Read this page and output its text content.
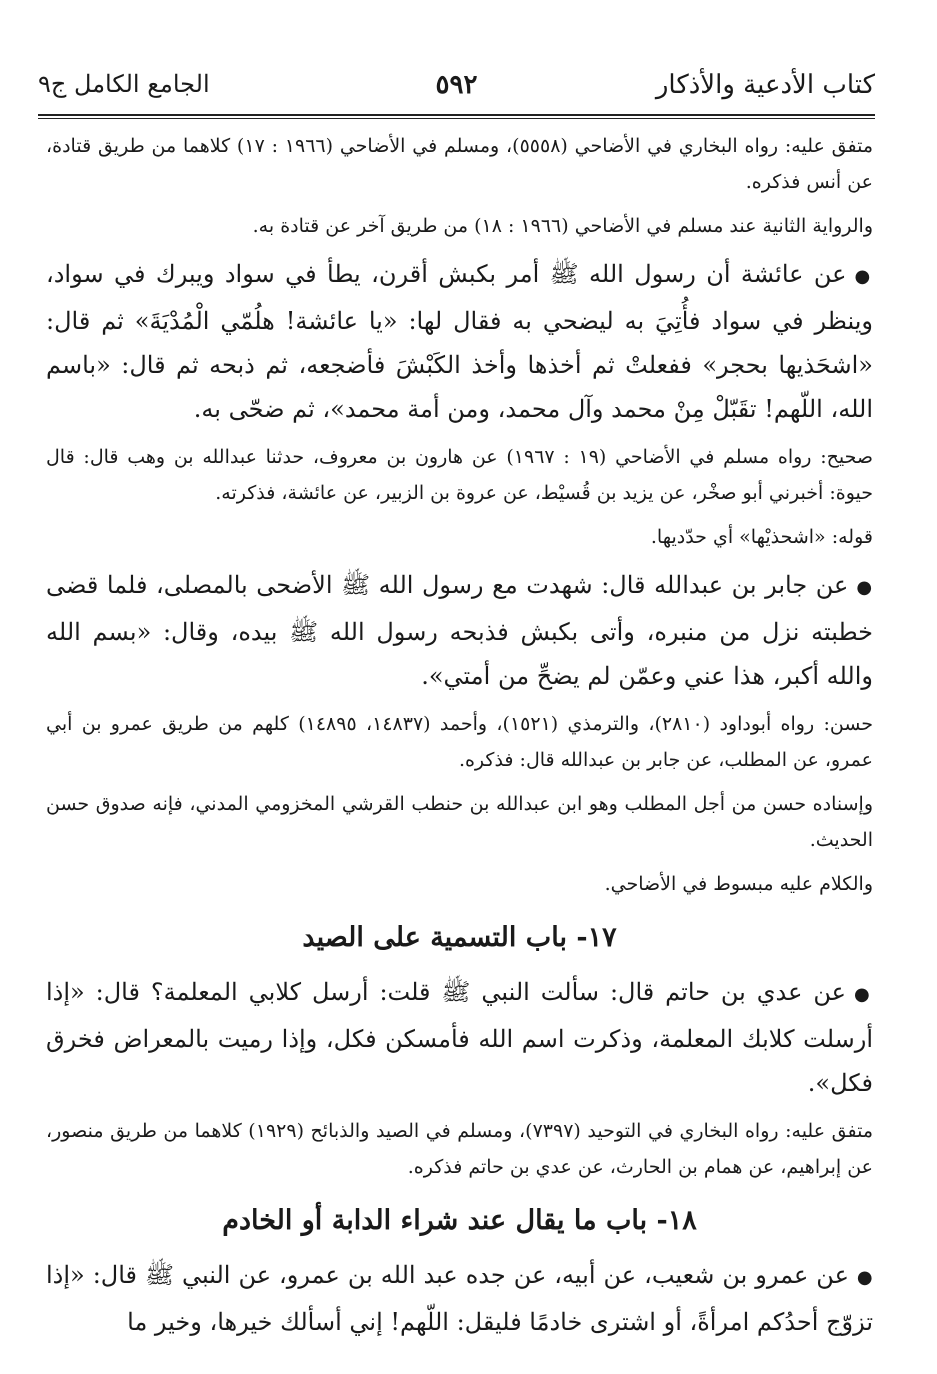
كتاب الأدعية والأذكار
٥٩٢
الجامع الكامل ج٩

متفق عليه: رواه البخاري في الأضاحي (٥٥٥٨)، ومسلم في الأضاحي (١٩٦٦ : ١٧) كلاهما من طريق قتادة، عن أنس فذكره.

والرواية الثانية عند مسلم في الأضاحي (١٩٦٦ : ١٨) من طريق آخر عن قتادة به.

●عن عائشة أن رسول الله ﷺ أمر بكبش أقرن، يطأ في سواد ويبرك في سواد، وينظر في سواد فأُتِيَ به ليضحي به فقال لها: «يا عائشة! هلُمّي الْمُدْيَةَ» ثم قال: «اشحَذيها بحجر» ففعلتْ ثم أخذها وأخذ الكَبْشَ فأضجعه، ثم ذبحه ثم قال: «باسم الله، اللّهم! تقَبّلْ مِنْ محمد وآل محمد، ومن أمة محمد»، ثم ضحّى به.

صحيح: رواه مسلم في الأضاحي (١٩ : ١٩٦٧) عن هارون بن معروف، حدثنا عبدالله بن وهب قال: قال حيوة: أخبرني أبو صخْر، عن يزيد بن قُسيْط، عن عروة بن الزبير، عن عائشة، فذكرته.

قوله: «اشحذيْها» أي حدّديها.

●عن جابر بن عبدالله قال: شهدت مع رسول الله ﷺ الأضحى بالمصلى، فلما قضى خطبته نزل من منبره، وأتى بكبش فذبحه رسول الله ﷺ بيده، وقال: «بسم الله والله أكبر، هذا عني وعمّن لم يضحِّ من أمتي».

حسن: رواه أبوداود (٢٨١٠)، والترمذي (١٥٢١)، وأحمد (١٤٨٣٧، ١٤٨٩٥) كلهم من طريق عمرو بن أبي عمرو، عن المطلب، عن جابر بن عبدالله قال: فذكره.

وإسناده حسن من أجل المطلب وهو ابن عبدالله بن حنطب القرشي المخزومي المدني، فإنه صدوق حسن الحديث.

والكلام عليه مبسوط في الأضاحي.

١٧- باب التسمية على الصيد

●عن عدي بن حاتم قال: سألت النبي ﷺ قلت: أرسل كلابي المعلمة؟ قال: «إذا أرسلت كلابك المعلمة، وذكرت اسم الله فأمسكن فكل، وإذا رميت بالمعراض فخرق فكل».

متفق عليه: رواه البخاري في التوحيد (٧٣٩٧)، ومسلم في الصيد والذبائح (١٩٢٩) كلاهما من طريق منصور، عن إبراهيم، عن همام بن الحارث، عن عدي بن حاتم فذكره.

١٨- باب ما يقال عند شراء الدابة أو الخادم

●عن عمرو بن شعيب، عن أبيه، عن جده عبد الله بن عمرو، عن النبي ﷺ قال: «إذا تزوّج أحدُكم امرأةً، أو اشترى خادمًا فليقل: اللّهم! إني أسألك خيرها، وخير ما
